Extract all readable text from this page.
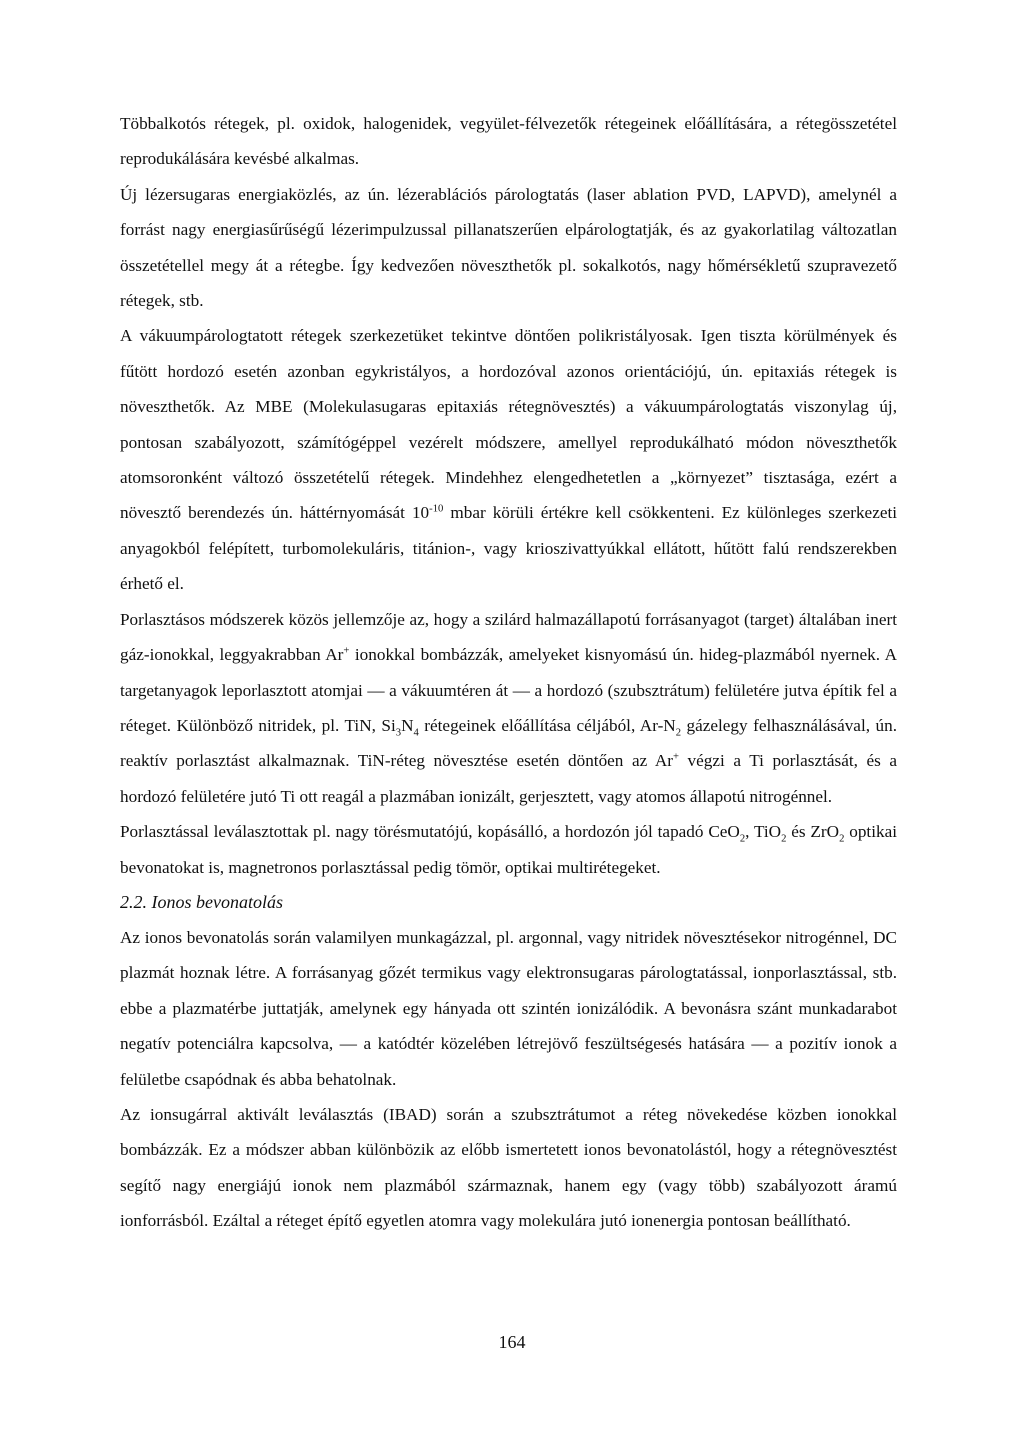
Többalkotós rétegek, pl. oxidok, halogenidek, vegyület-félvezetők rétegeinek előállítására, a rétegösszetétel reprodukálására kevésbé alkalmas.

Új lézersugaras energiaközlés, az ún. lézerablációs párologtatás (laser ablation PVD, LAPVD), amelynél a forrást nagy energiasűrűségű lézerimpulzussal pillanatszerűen elpárologtatják, és az gyakorlatilag változatlan összetétellel megy át a rétegbe. Így kedvezően növeszthetők pl. sokalkotós, nagy hőmérsékletű szupravezető rétegek, stb.

A vákuumpárologtatott rétegek szerkezetüket tekintve döntően polikristályosak. Igen tiszta körülmények és fűtött hordozó esetén azonban egykristályos, a hordozóval azonos orientációjú, ún. epitaxiás rétegek is növeszthetők. Az MBE (Molekulasugaras epitaxiás rétegnövesztés) a vákuumpárologtatás viszonylag új, pontosan szabályozott, számítógéppel vezérelt módszere, amellyel reprodukálható módon növeszthetők atomsoronként változó összetételű rétegek. Mindehhez elengedhetetlen a „környezet” tisztasága, ezért a növesztő berendezés ún. háttérnyomását $10^{-10}$ mbar körüli értékre kell csökkenteni. Ez különleges szerkezeti anyagokból felépített, turbomolekuláris, titánion-, vagy krioszivattyúkkal ellátott, hűtött falú rendszerekben érhető el.

Porlasztásos módszerek közös jellemzője az, hogy a szilárd halmazállapotú forrásanyagot (target) általában inert gáz-ionokkal, leggyakrabban Ar+ ionokkal bombázzák, amelyeket kisnyomású ún. hideg-plazmából nyernek. A targetanyagok leporlasztott atomjai — a vákuumtéren át — a hordozó (szubsztrátum) felületére jutva építik fel a réteget. Különböző nitridek, pl. TiN, $Si_3N_4$ rétegeinek előállítása céljából, $Ar-N_2$ gázelegy felhasználásával, ún. reaktív porlasztást alkalmaznak. TiN-réteg növesztése esetén döntően az Ar+ végzi a Ti porlasztását, és a hordozó felületére jutó Ti ott reagál a plazmában ionizált, gerjesztett, vagy atomos állapotú nitrogénnel.

Porlasztással leválasztottak pl. nagy törésmutatójú, kopásálló, a hordozón jól tapadó CeO$_2$, TiO$_2$ és ZrO$_2$ optikai bevonatokat is, magnetronos porlasztással pedig tömör, optikai multirétegeket.

2.2. Ionos bevonatolás

Az ionos bevonatolás során valamilyen munkagázzal, pl. argonnal, vagy nitridek növesztésekor nitrogénnel, DC plazmát hoznak létre. A forrásanyag gőzét termikus vagy elektronsugaras párologtatással, ionporlasztással, stb. ebbe a plazmatérbe juttatják, amelynek egy hányada ott szintén ionizálódik. A bevonásra szánt munkadarabot negatív potenciálra kapcsolva, — a katódtér közelében létrejövő feszültségesés hatására — a pozitív ionok a felületbe csapódnak és abba behatolnak.

Az ionsugárral aktivált leválasztás (IBAD) során a szubsztrátumot a réteg növekedése közben ionokkal bombázzák. Ez a módszer abban különbözik az előbb ismertetett ionos bevonatolástól, hogy a rétegnövesztést segítő nagy energiájú ionok nem plazmából származnak, hanem egy (vagy több) szabályozott áramú ionforrásból. Ezáltal a réteget építő egyetlen atomra vagy molekulára jutó ionenergia pontosan beállítható.

164
